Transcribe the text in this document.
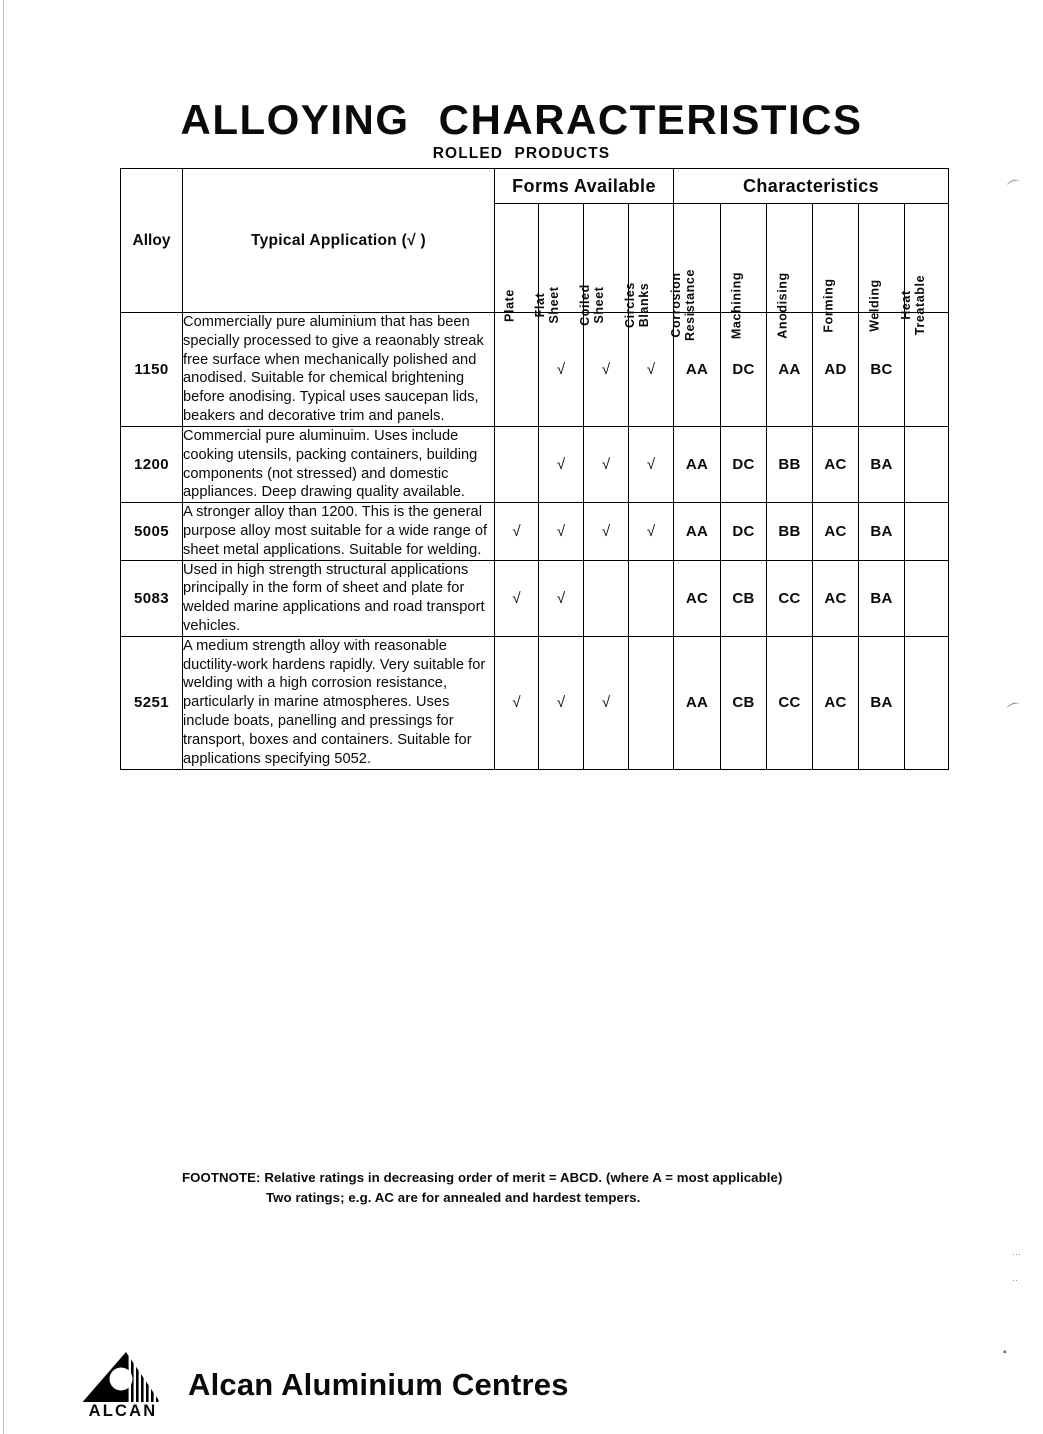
ALLOYING CHARACTERISTICS
ROLLED PRODUCTS
Alloy	Typical Application (√ )	Forms Available				Characteristics					

		Plate	Flat Sheet	Coiled Sheet	Circles Blanks	Corrosion Resistance	Machining	Anodising	Forming	Welding	Heat Treatable

1150	Commercially pure aluminium that has been specially processed to give a reaonably streak free surface when mechanically polished and anodised. Suitable for chemical brightening before anodising. Typical uses saucepan lids, beakers and decorative trim and panels.		√	√	√	AA	DC	AA	AD	BC	
1200	Commercial pure aluminuim. Uses include cooking utensils, packing containers, building components (not stressed) and domestic appliances. Deep drawing quality available.		√	√	√	AA	DC	BB	AC	BA	
5005	A stronger alloy than 1200. This is the general purpose alloy most suitable for a wide range of sheet metal applications. Suitable for welding.	√	√	√	√	AA	DC	BB	AC	BA	
5083	Used in high strength structural applications principally in the form of sheet and plate for welded marine applications and road transport vehicles.	√	√			AC	CB	CC	AC	BA	
5251	A medium strength alloy with reasonable ductility-work hardens rapidly. Very suitable for welding with a high corrosion resistance, particularly in marine atmospheres. Uses include boats, panelling and pressings for transport, boxes and containers. Suitable for applications specifying 5052.	√	√	√		AA	CB	CC	AC	BA	
FOOTNOTE: Relative ratings in decreasing order of merit = ABCD. (where A = most applicable)
Two ratings; e.g. AC are for annealed and hardest tempers.
ALCAN
Alcan Aluminium Centres
⌒
⌒
⋯
··
▪
